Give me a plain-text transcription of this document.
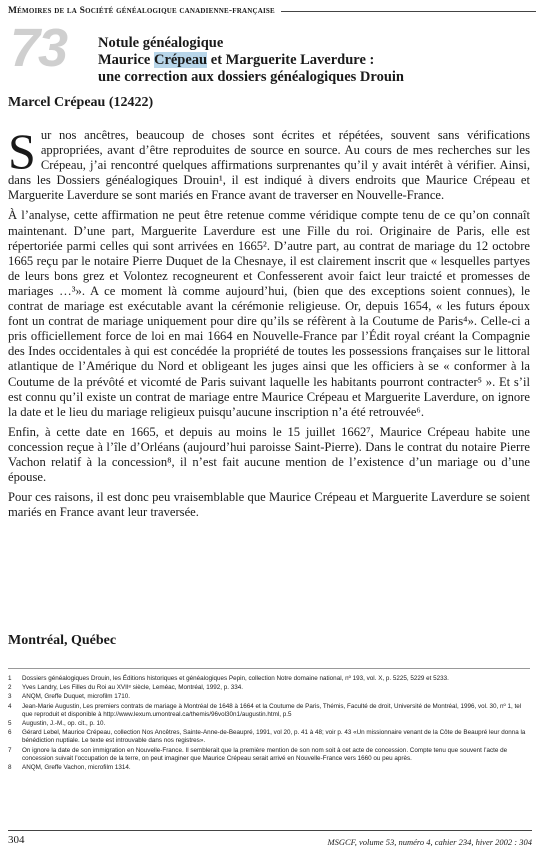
Mémoires de la Société généalogique canadienne-française
73 Notule généalogique
Maurice Crépeau et Marguerite Laverdure :
une correction aux dossiers généalogiques Drouin
Marcel Crépeau (12422)

Sur nos ancêtres, beaucoup de choses sont écrites et répétées, souvent sans vérifications appropriées, avant d’être reproduites de source en source. Au cours de mes recherches sur les Crépeau, j’ai rencontré quelques affirmations surprenantes qu’il y avait intérêt à vérifier. Ainsi, dans les Dossiers généalogiques Drouin¹, il est indiqué à divers endroits que Maurice Crépeau et Marguerite Laverdure se sont mariés en France avant de traverser en Nouvelle-France.

À l’analyse, cette affirmation ne peut être retenue comme véridique compte tenu de ce qu’on connaît maintenant. D’une part, Marguerite Laverdure est une Fille du roi. Originaire de Paris, elle est répertoriée parmi celles qui sont arrivées en 1665². D’autre part, au contrat de mariage du 12 octobre 1665 reçu par le notaire Pierre Duquet de la Chesnaye, il est clairement inscrit que « lesquelles partyes de leurs bons grez et Volontez recogneurent et Confesserent avoir faict leur traicté et promesses de mariages …³». A ce moment là comme aujourd’hui, (bien que des exceptions soient connues), le contrat de mariage est exécutable avant la cérémonie religieuse. Or, depuis 1654, « les futurs époux font un contrat de mariage uniquement pour dire qu’ils se réfèrent à la Coutume de Paris⁴». Celle-ci a pris officiellement force de loi en mai 1664 en Nouvelle-France par l’Édit royal créant la Compagnie des Indes occidentales à qui est concédée la propriété de toutes les possessions françaises sur le littoral atlantique de l’Amérique du Nord et obligeant les juges ainsi que les officiers à se « conformer à la Coutume de la prévôté et vicomté de Paris suivant laquelle les habitants pourront contracter⁵ ». Et s’il est connu qu’il existe un contrat de mariage entre Maurice Crépeau et Marguerite Laverdure, on ignore la date et le lieu du mariage religieux puisqu’aucune inscription n’a été retrouvée⁶.

Enfin, à cette date en 1665, et depuis au moins le 15 juillet 1662⁷, Maurice Crépeau habite une concession reçue à l’île d’Orléans (aujourd’hui paroisse Saint-Pierre). Dans le contrat du notaire Pierre Vachon relatif à la concession⁸, il n’est fait aucune mention de l’existence d’un mariage ou d’une épouse.

Pour ces raisons, il est donc peu vraisemblable que Maurice Crépeau et Marguerite Laverdure se soient mariés en France avant leur traversée.

Montréal, Québec
1	Dossiers généalogiques Drouin, les Éditions historiques et généalogiques Pepin, collection Notre domaine national, nº 193, vol. X, p. 5225, 5229 et 5233.
2	Yves Landry, Les Filles du Roi au XVIIᵉ siècle, Leméac, Montréal, 1992, p. 334.
3	ANQM, Greffe Duquet, microfilm 1710.
4	Jean-Marie Augustin, Les premiers contrats de mariage à Montréal de 1648 à 1664 et la Coutume de Paris, Thémis, Faculté de droit, Université de Montréal, 1996, vol. 30, nº 1, tel que reproduit et disponible à http://www.lexum.umontreal.ca/themis/96vol30n1/augustin.html, p.5
5	Augustin, J.-M., op. cit., p. 10.
6	Gérard Lebel, Maurice Crépeau, collection Nos Ancêtres, Sainte-Anne-de-Beaupré, 1991, vol 20, p. 41 à 48; voir p. 43 «Un missionnaire venant de la Côte de Beaupré leur donna la bénédiction nuptiale. Le texte est introuvable dans nos registres».
7	On ignore la date de son immigration en Nouvelle-France. Il semblerait que la première mention de son nom soit à cet acte de concession. Compte tenu que souvent l’acte de concession suivait l’occupation de la terre, on peut imaginer que Maurice Crépeau serait arrivé en Nouvelle-France vers 1660 ou peu après.
8	ANQM, Greffe Vachon, microfilm 1314.
304	MSGCF, volume 53, numéro 4, cahier 234, hiver 2002 : 304
